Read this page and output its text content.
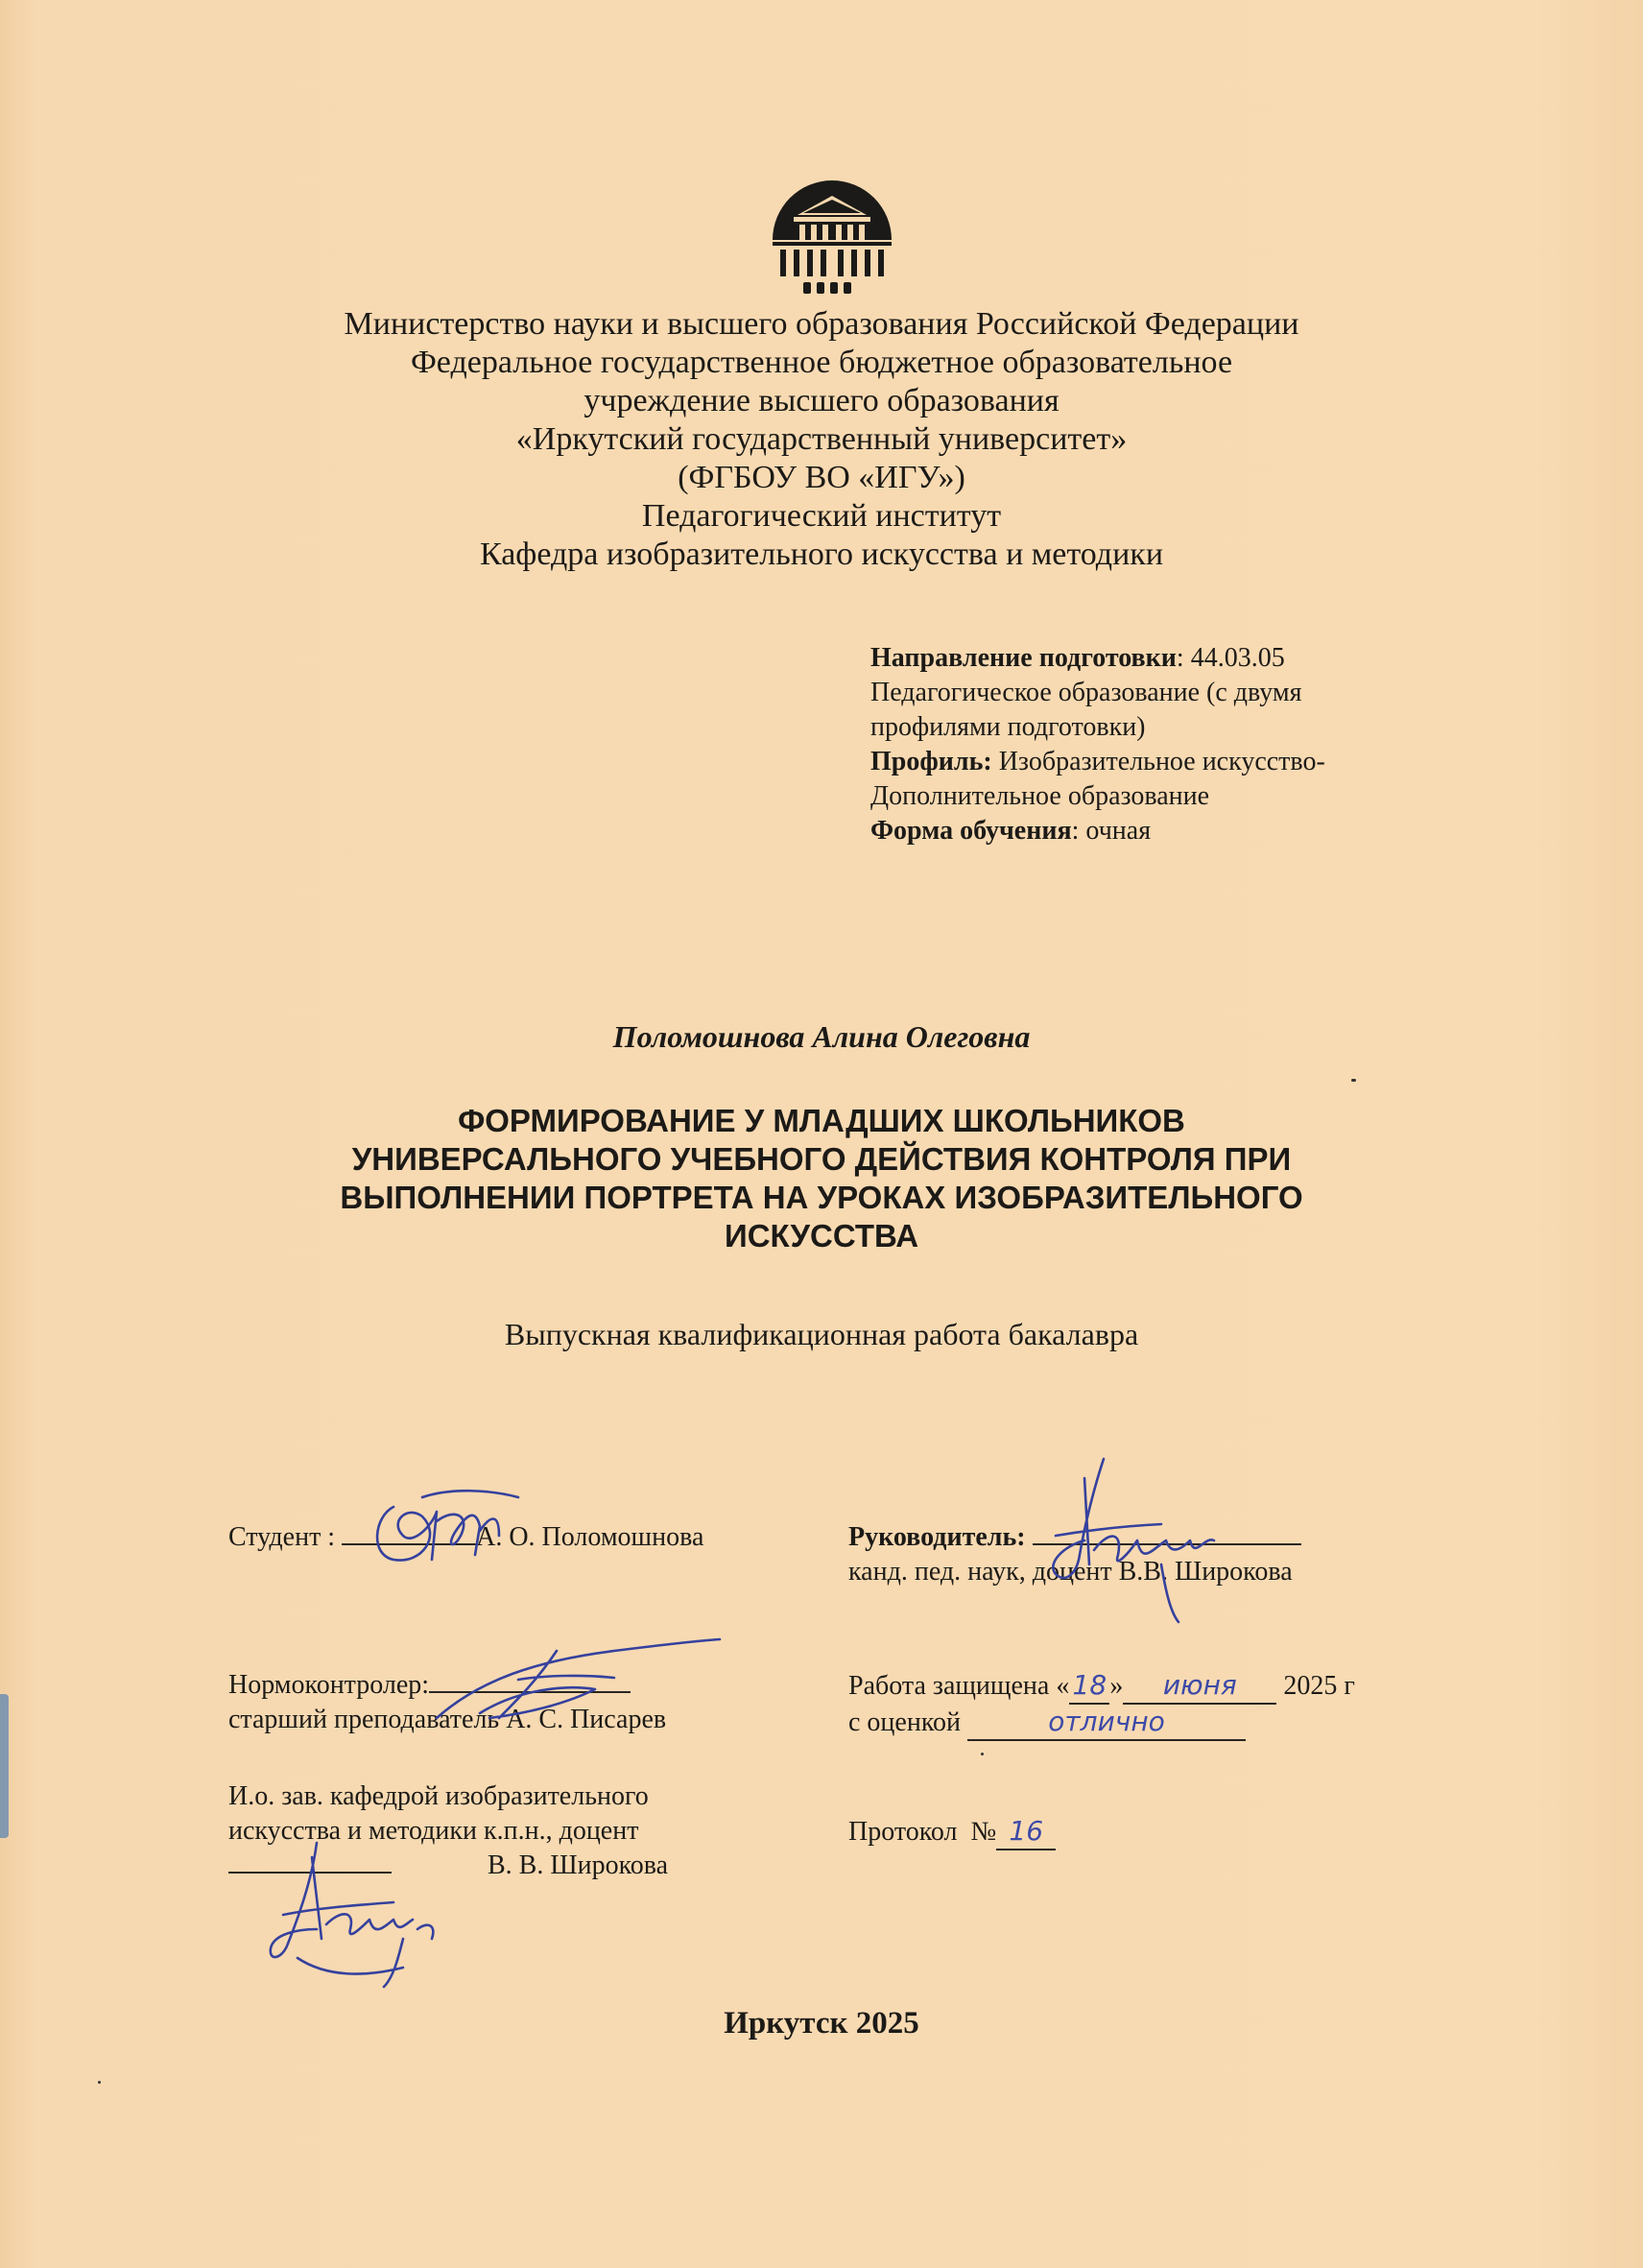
Министерство науки и высшего образования Российской Федерации
Федеральное государственное бюджетное образовательное
учреждение высшего образования
«Иркутский государственный университет»
(ФГБОУ ВО «ИГУ»)
Педагогический институт
Кафедра изобразительного искусства и методики
Направление подготовки: 44.03.05
Педагогическое образование (с двумя
профилями подготовки)
Профиль: Изобразительное искусство-
Дополнительное образование
Форма обучения: очная
Поломошнова Алина Олеговна
ФОРМИРОВАНИЕ У МЛАДШИХ ШКОЛЬНИКОВ
УНИВЕРСАЛЬНОГО УЧЕБНОГО ДЕЙСТВИЯ КОНТРОЛЯ ПРИ
ВЫПОЛНЕНИИ ПОРТРЕТА НА УРОКАХ ИЗОБРАЗИТЕЛЬНОГО
ИСКУССТВА
Выпускная квалификационная работа бакалавра
Студент :	А. О. Поломошнова	Руководитель:
канд. пед. наук, доцент В.В. Широкова
Нормоконтролер:
старший преподаватель А. С. Писарев
Работа защищена « 18 » июня 2025 г
с оценкой	отлично
И.о. зав. кафедрой изобразительного
искусства и методики к.п.н., доцент
В. В. Широкова
Протокол № 16
Иркутск 2025
